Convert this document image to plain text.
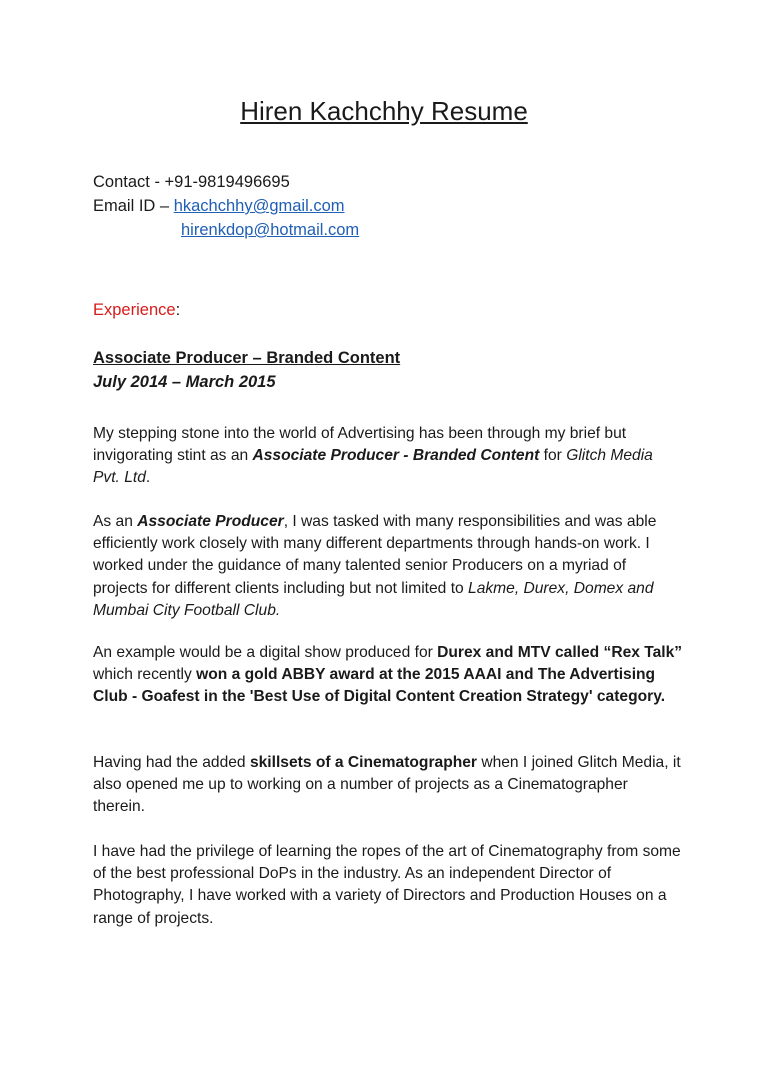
Hiren Kachchhy Resume
Contact - +91-9819496695
Email ID – hkachchhy@gmail.com
hirenkdop@hotmail.com
Experience:
Associate Producer – Branded Content
July 2014 – March 2015

My stepping stone into the world of Advertising has been through my brief but invigorating stint as an Associate Producer - Branded Content for Glitch Media Pvt. Ltd.

As an Associate Producer, I was tasked with many responsibilities and was able efficiently work closely with many different departments through hands-on work. I worked under the guidance of many talented senior Producers on a myriad of projects for different clients including but not limited to Lakme, Durex, Domex and Mumbai City Football Club.

An example would be a digital show produced for Durex and MTV called “Rex Talk” which recently won a gold ABBY award at the 2015 AAAI and The Advertising Club - Goafest in the 'Best Use of Digital Content Creation Strategy' category.

Having had the added skillsets of a Cinematographer when I joined Glitch Media, it also opened me up to working on a number of projects as a Cinematographer therein.

I have had the privilege of learning the ropes of the art of Cinematography from some of the best professional DoPs in the industry. As an independent Director of Photography, I have worked with a variety of Directors and Production Houses on a range of projects.
